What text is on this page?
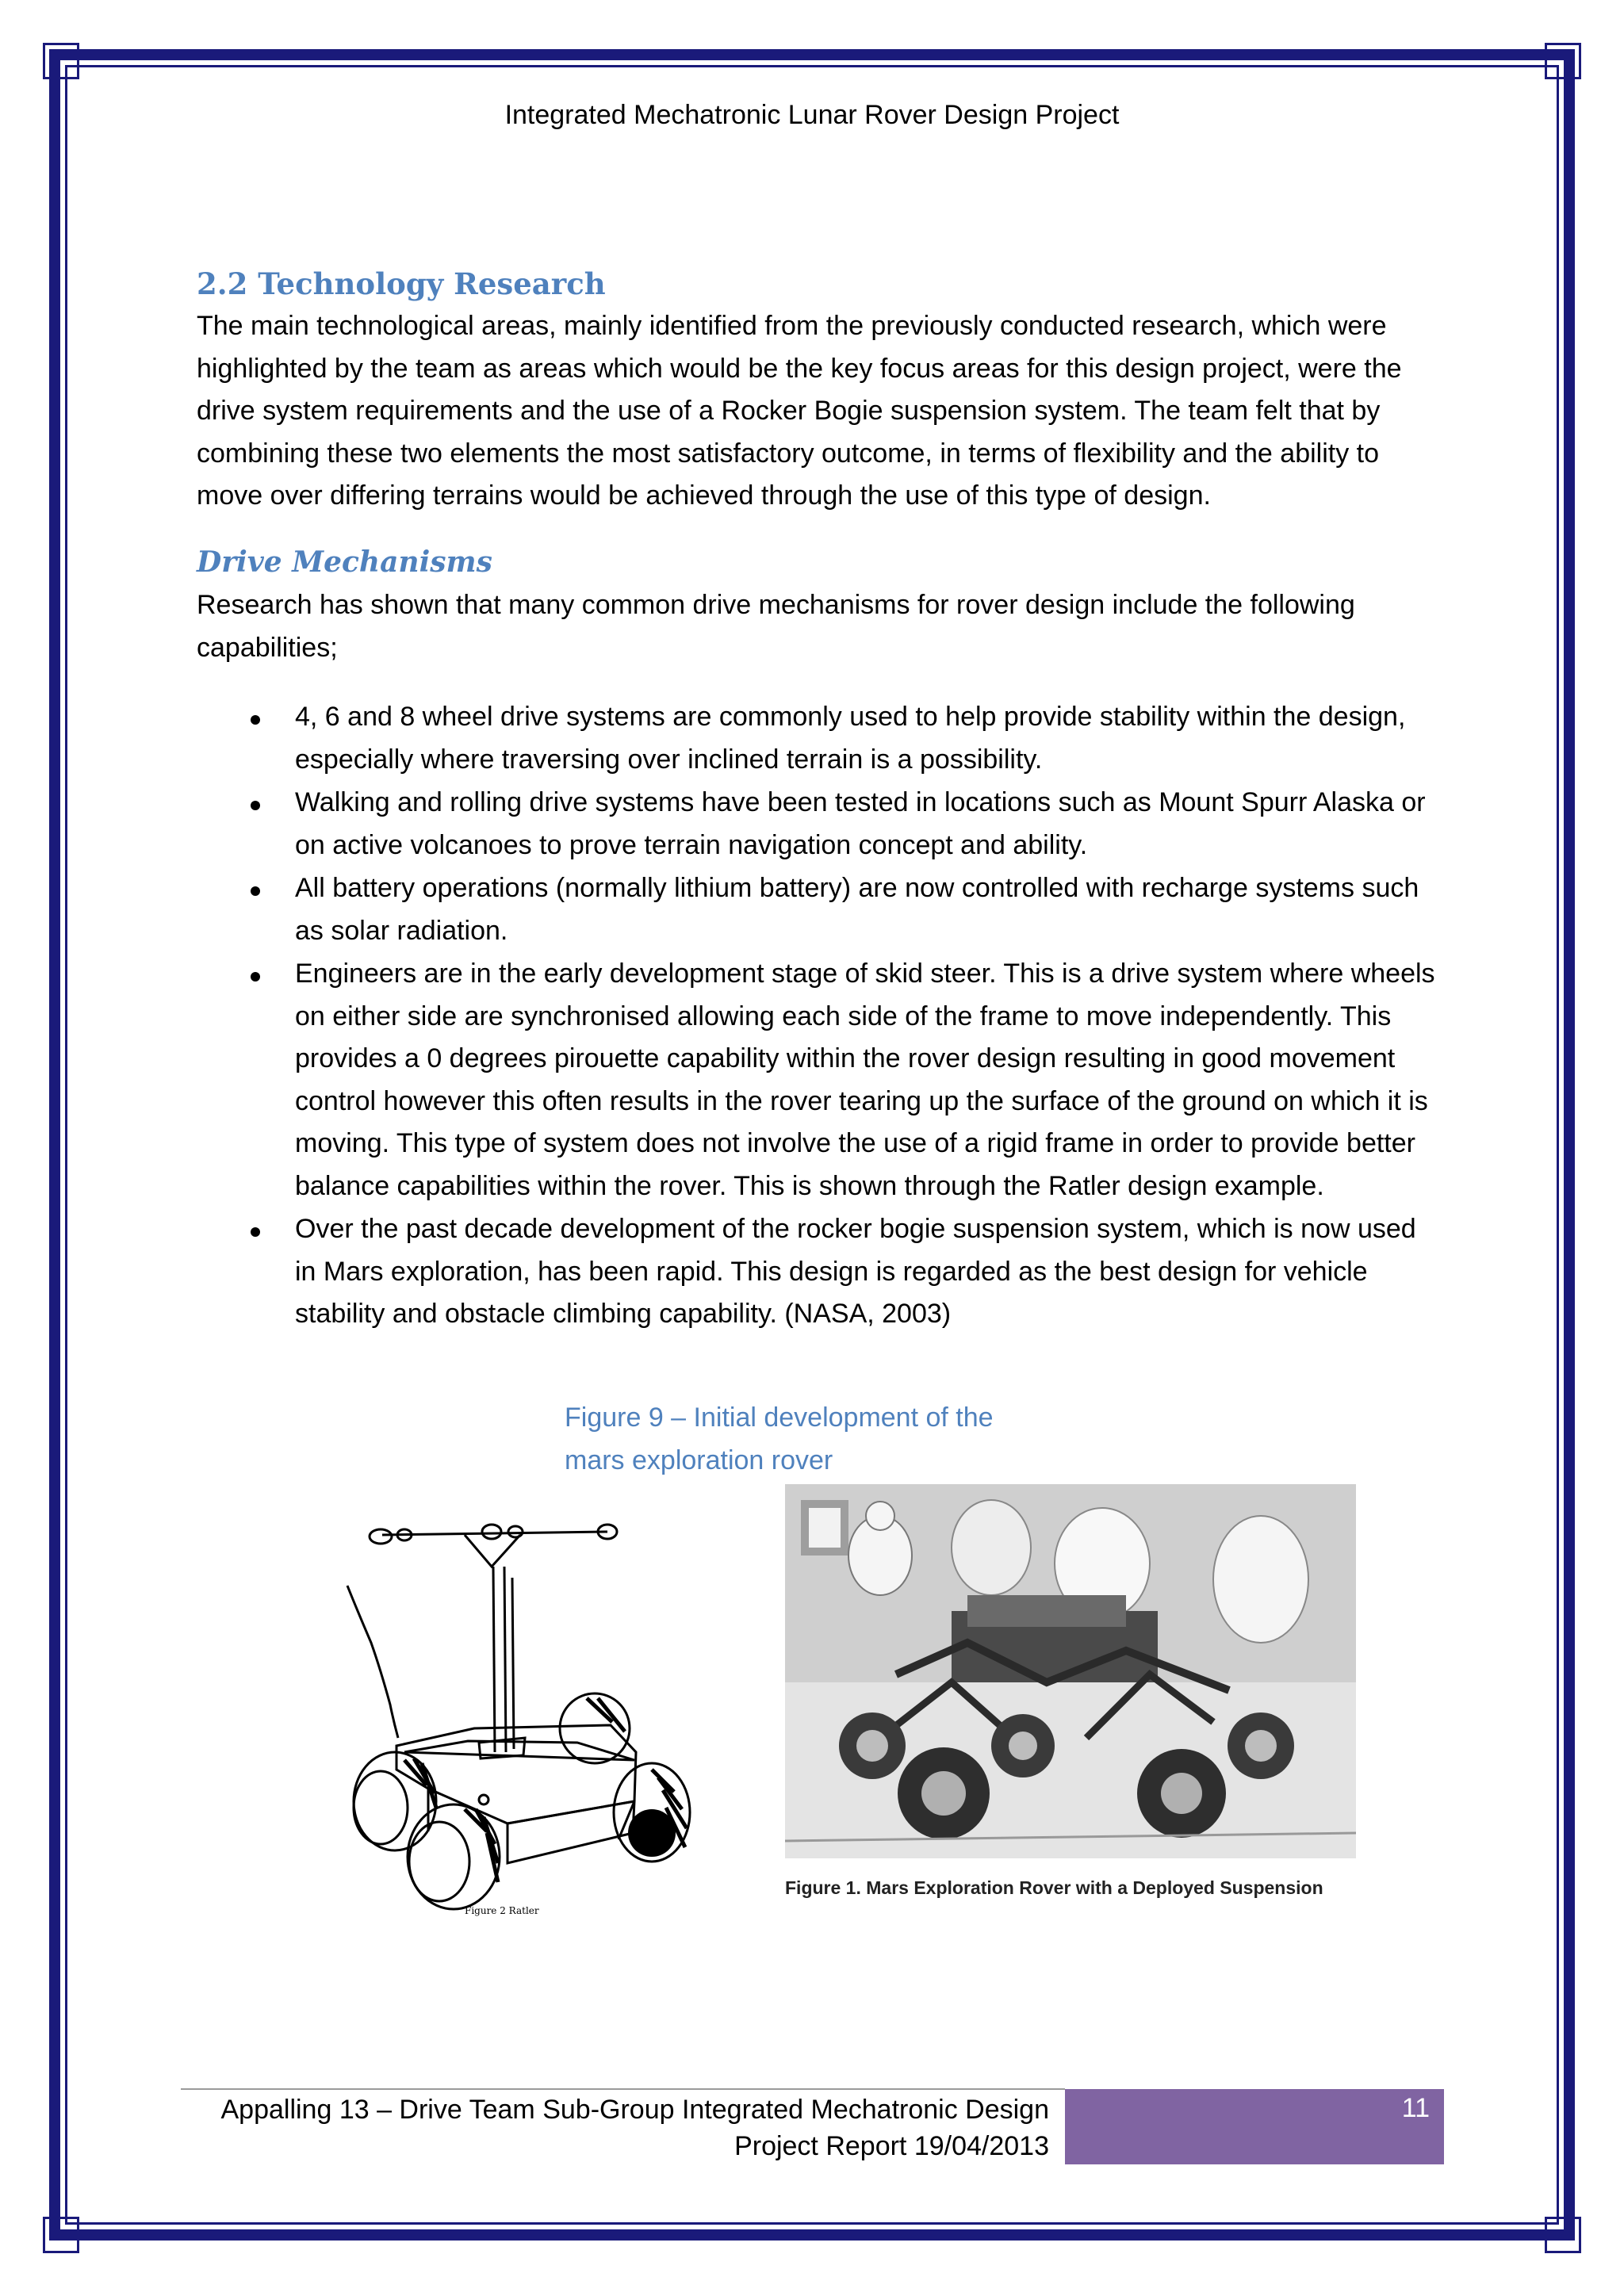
Integrated Mechatronic Lunar Rover Design Project
2.2 Technology Research
The main technological areas, mainly identified from the previously conducted research, which were highlighted by the team as areas which would be the key focus areas for this design project, were the drive system requirements and the use of a Rocker Bogie suspension system. The team felt that by combining these two elements the most satisfactory outcome, in terms of flexibility and the ability to move over differing terrains would be achieved through the use of this type of design.
Drive Mechanisms
Research has shown that many common drive mechanisms for rover design include the following capabilities;
4, 6 and 8 wheel drive systems are commonly used to help provide stability within the design, especially where traversing over inclined terrain is a possibility.
Walking and rolling drive systems have been tested in locations such as Mount Spurr Alaska or on active volcanoes to prove terrain navigation concept and ability.
All battery operations (normally lithium battery) are now controlled with recharge systems such as solar radiation.
Engineers are in the early development stage of skid steer. This is a drive system where wheels on either side are synchronised allowing each side of the frame to move independently. This provides a 0 degrees pirouette capability within the rover design resulting in good movement control however this often results in the rover tearing up the surface of the ground on which it is moving. This type of system does not involve the use of a rigid frame in order to provide better balance capabilities within the rover. This is shown through the Ratler design example.
Over the past decade development of the rocker bogie suspension system, which is now used in Mars exploration, has been rapid. This design is regarded as the best design for vehicle stability and obstacle climbing capability. (NASA, 2003)
Figure 9 – Initial development of the mars exploration rover
Figure 2 Ratler
Figure 1. Mars Exploration Rover with a Deployed Suspension
Appalling 13 – Drive Team Sub-Group Integrated Mechatronic Design Project Report 19/04/2013
11
